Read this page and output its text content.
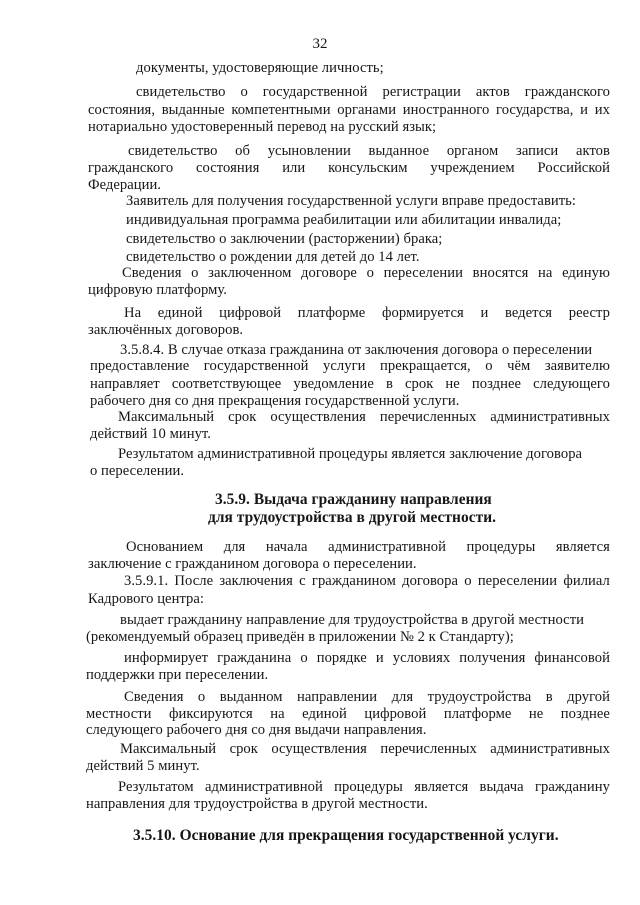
32
документы, удостоверяющие личность;
свидетельство о государственной регистрации актов гражданского
состояния, выданные компетентными органами иностранного государства, и их
нотариально удостоверенный перевод на русский язык;
свидетельство об усыновлении выданное органом записи актов
гражданского состояния или консульским учреждением Российской
Федерации.
Заявитель для получения государственной услуги вправе предоставить:
индивидуальная программа реабилитации или абилитации инвалида;
свидетельство о заключении (расторжении) брака;
свидетельство о рождении для детей до 14 лет.
Сведения о заключенном договоре о переселении вносятся на единую
цифровую платформу.
На единой цифровой платформе формируется и ведется реестр
заключённых договоров.
3.5.8.4. В случае отказа гражданина от заключения договора о переселении
предоставление государственной услуги прекращается, о чём заявителю
направляет соответствующее уведомление в срок не позднее следующего
рабочего дня со дня прекращения государственной услуги.
Максимальный срок осуществления перечисленных административных
действий 10 минут.
Результатом административной процедуры является заключение договора
о переселении.
3.5.9. Выдача гражданину направления
для трудоустройства в другой местности.
Основанием для начала административной процедуры является
заключение с гражданином договора о переселении.
3.5.9.1. После заключения с гражданином договора о переселении филиал
Кадрового центра:
выдает гражданину направление для трудоустройства в другой местности
(рекомендуемый образец приведён в приложении № 2 к Стандарту);
информирует гражданина о порядке и условиях получения финансовой
поддержки при переселении.
Сведения о выданном направлении для трудоустройства в другой
местности фиксируются на единой цифровой платформе не позднее
следующего рабочего дня со дня выдачи направления.
Максимальный срок осуществления перечисленных административных
действий 5 минут.
Результатом административной процедуры является выдача гражданину
направления для трудоустройства в другой местности.
3.5.10. Основание для прекращения государственной услуги.
